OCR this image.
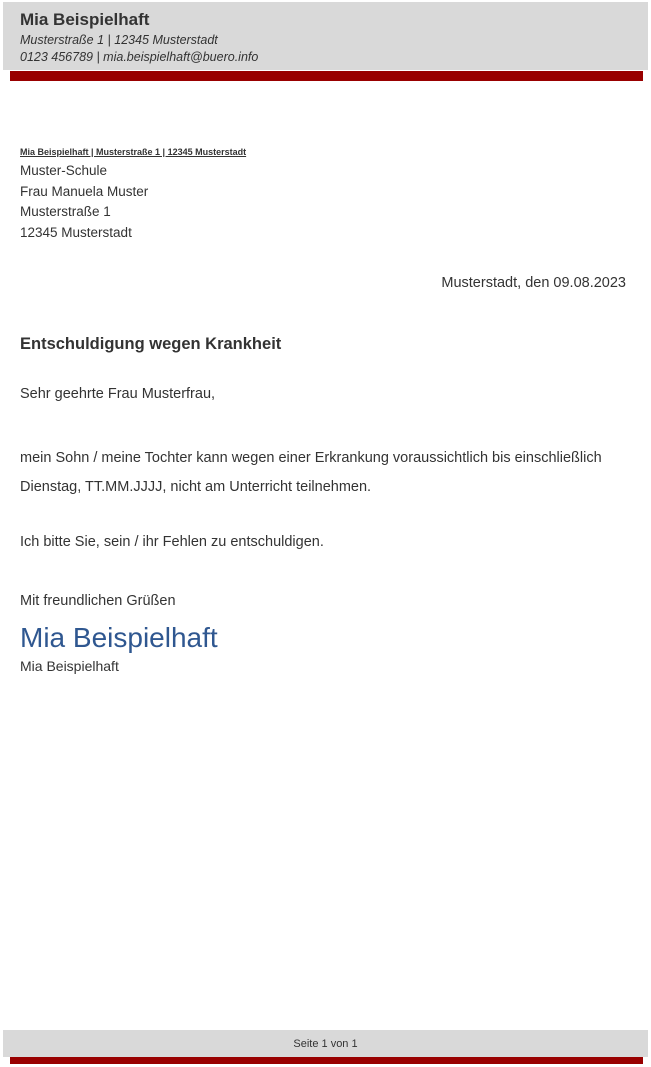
Mia Beispielhaft
Musterstraße 1 | 12345 Musterstadt
0123 456789 | mia.beispielhaft@buero.info
Mia Beispielhaft | Musterstraße 1 | 12345 Musterstadt
Muster-Schule
Frau Manuela Muster
Musterstraße 1
12345 Musterstadt
Musterstadt, den 09.08.2023
Entschuldigung wegen Krankheit
Sehr geehrte Frau Musterfrau,
mein Sohn / meine Tochter kann wegen einer Erkrankung voraussichtlich bis einschließlich Dienstag, TT.MM.JJJJ, nicht am Unterricht teilnehmen.
Ich bitte Sie, sein / ihr Fehlen zu entschuldigen.
Mit freundlichen Grüßen
Mia Beispielhaft
Mia Beispielhaft
Seite 1 von 1
